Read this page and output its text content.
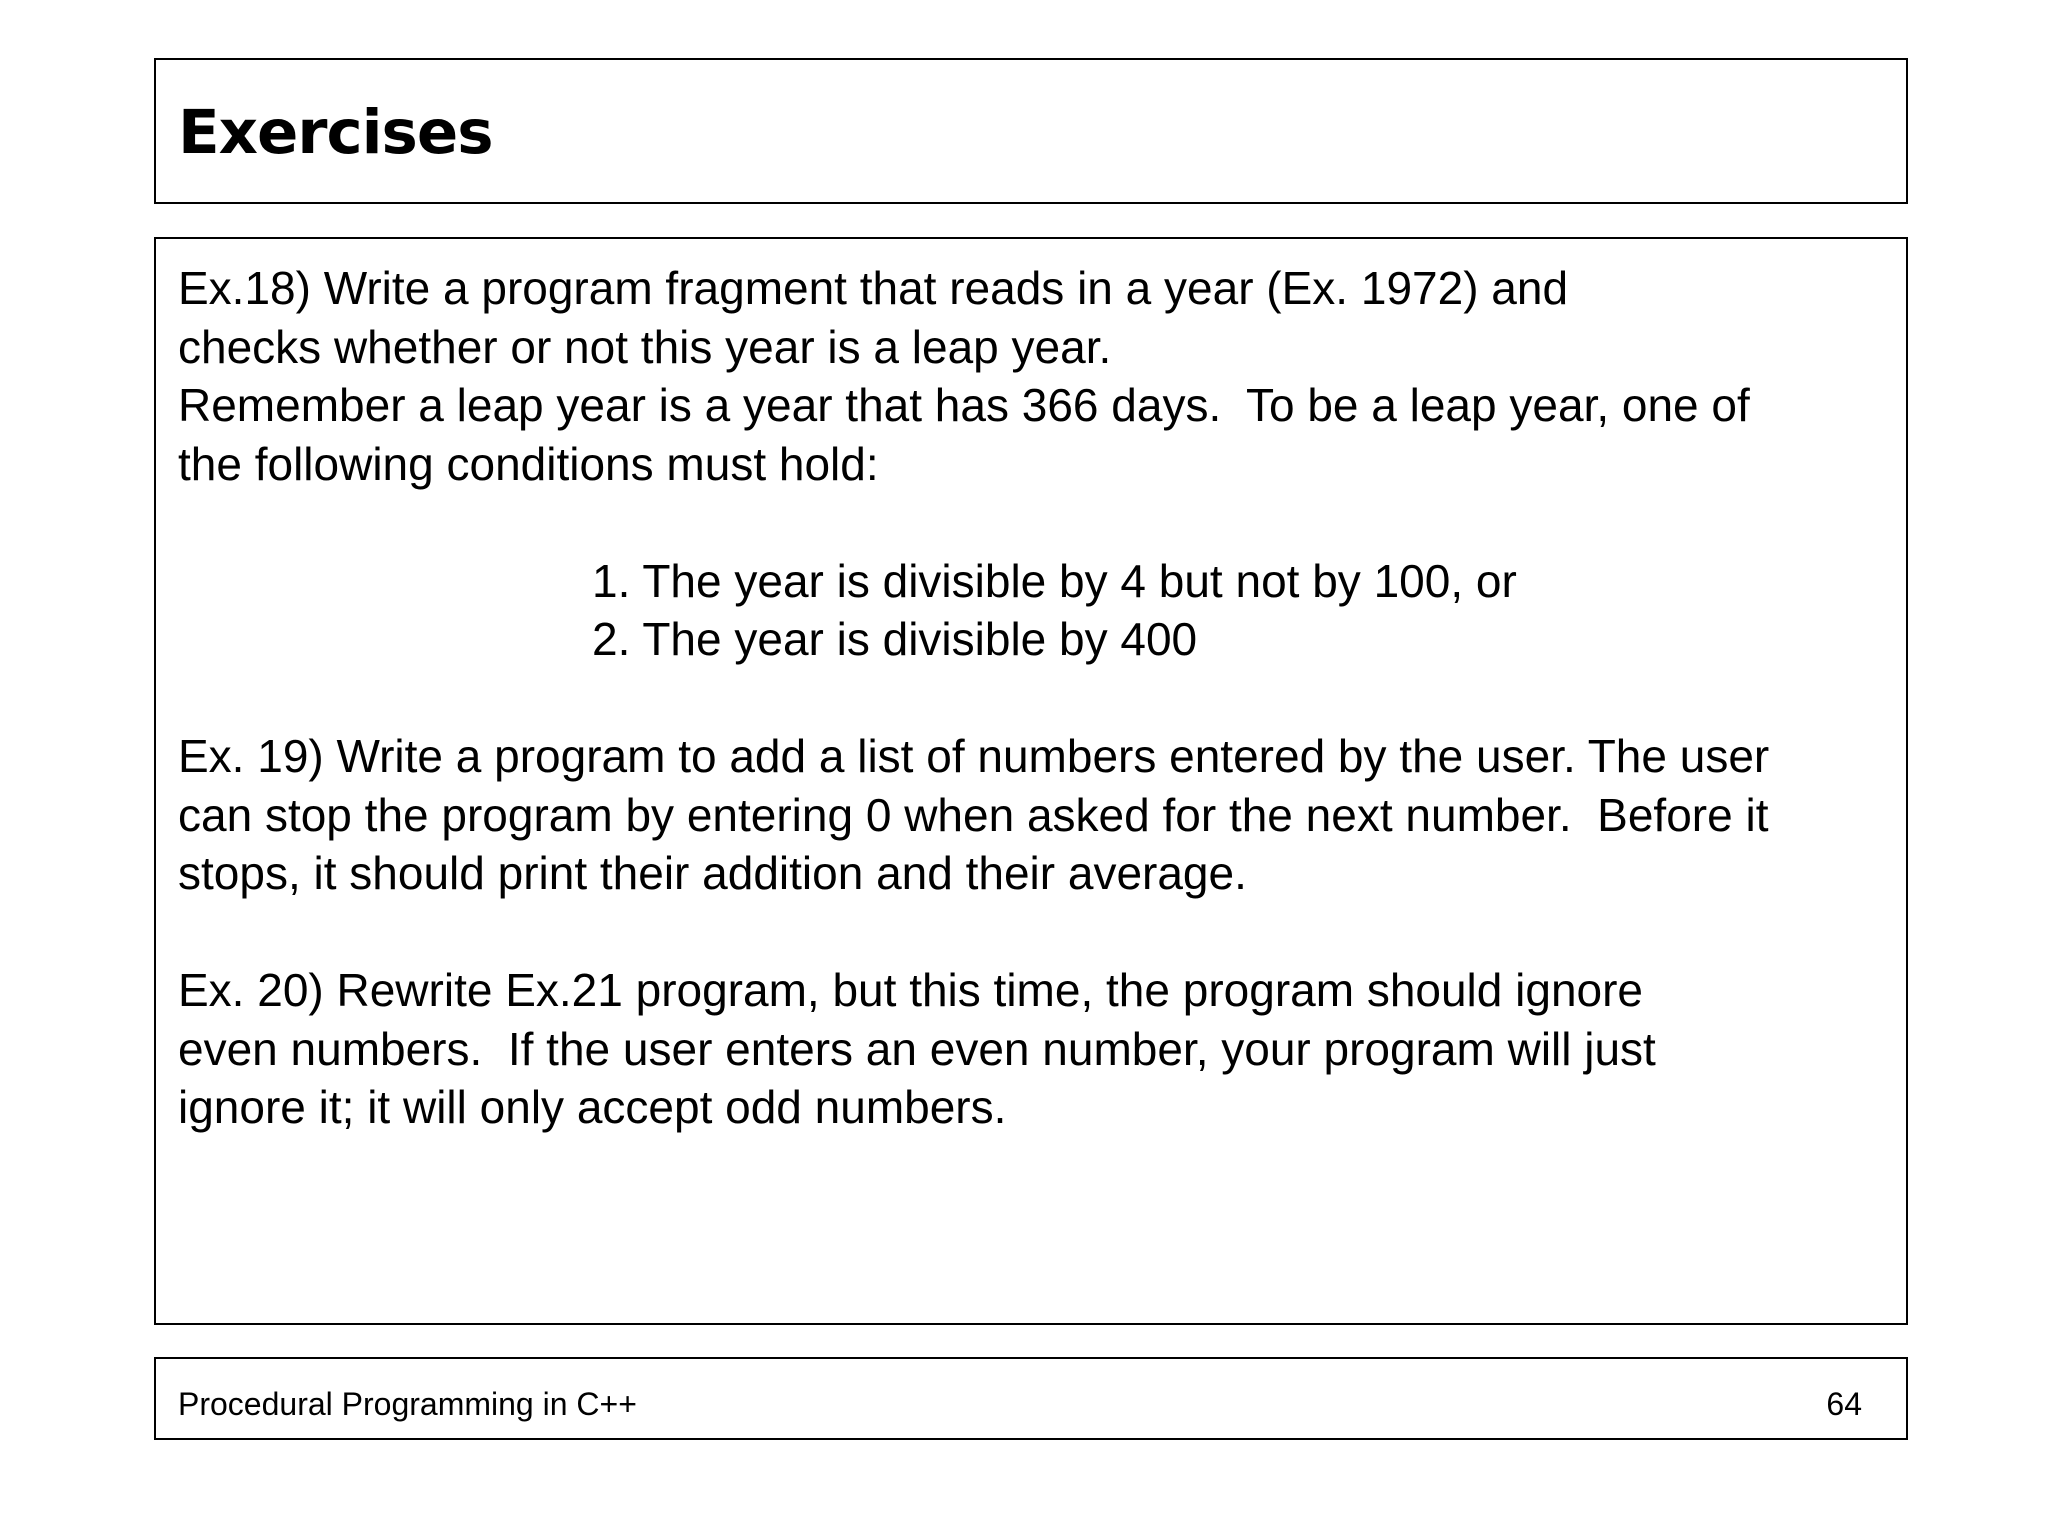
Exercises

Ex.18) Write a program fragment that reads in a year (Ex. 1972) and

checks whether or not this year is a leap year.

Remember a leap year is a year that has 366 days.  To be a leap year, one of

the following conditions must hold:

1. The year is divisible by 4 but not by 100, or
2. The year is divisible by 400

Ex. 19) Write a program to add a list of numbers entered by the user. The user

can stop the program by entering 0 when asked for the next number.  Before it

stops, it should print their addition and their average.

Ex. 20) Rewrite Ex.21 program, but this time, the program should ignore

even numbers.  If the user enters an even number, your program will just

ignore it; it will only accept odd numbers.

Procedural Programming in C++	64
